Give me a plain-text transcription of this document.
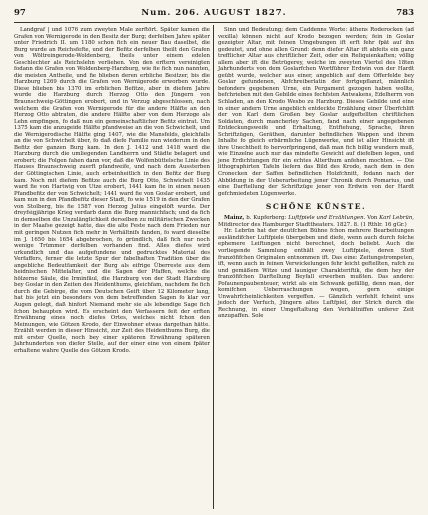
97	Num. 206. AUGUST 1827.	783

Landgraf | und 1076 zum zweyten Male zerftört. Später kamen die Grafen von Wernigerode in den Besitz der Burg; derfelben Jahre später unter Friedrich II. um 1180 schon fich ein neuer Bau daselbst, die Burg wurde an Reichsfefte, und der Befitz derfelben theilt den Grafen von Wöltreingerode-Woldenberg, theils unter einem edelen Geschlechter als Reichslehn verliehen. Von den erftern vereinigten fodann die Grafen von Woldenberg-Harzburg, wie fie fich nun nannten, die meisten Antheile, und fie blieben deren erbliche Besitzer, bis die Harzburg 1269 durch die Grafen von Wernigerode erworben wurde. Diese blieben bis 1370 im erblichen Befitze, aber in diefem Jahre wurde die Harzburg durch Herzog Otto den Jüngern von Braunschweig-Göttingen erobert, und in Verzug abgeschlossen, nach welchem die Grafen von Wernigerode für die andere Hälfte an den Herzog Otto abtraten, die andere Hälfte aber von dem Herzoge als Lehn empfingen, fo daß nun ein gemeinschaftlicher Befitz eintrat. Um 1375 kam die anzugeide Hälfte pfandweise an die von Schwichelt, und die Wernigerodische Hälfte ging 1407, wie die Mansfelds, gleichfalls an die von Schwichelt über, fo daß diefe Familie nun wiederum in den Befitz der ganzen Burg kam. In den J. 1412 und 1418 ward die Harzburg durch die umliegenden Landherrn und Städte belagert und erobert; die Folgen fahen dann vor, daß die Wolfenbüttelsche Linie des Hauses Braunschweig zuerft pfandweife, und nach dem Aussterben der Göttingischen Linie, auch erbeinheitlich in den Befitz der Burg kam. Noch mit diefem Befitze auch die Burg Otto, Schwichelt 1435 ward fie von Hartwig von Utze erobert, 1441 kam fie in einen neuen Pfandbefitz der von Schwichelt; 1441 ward fie von Goslar erobert, und kam nun in den Pfandbefitz dieser Stadt, fo wie 1519 in den der Grafen von Stolberg, bis fie 1587 von Herzog Julius eingelöft wurde. Der dreyfsigjährige Krieg verdarb dann die Burg mannichfach; und da fich in demselben die Unzulänglichkeit derselben zu militärischen Zwecken in der Maafse gezeigt hatte, das die alte Feste nach dem Frieden nur mit geringen Nutzen fich mehr in Verhältnifs fanden, fo ward dieselbe im J. 1650 bis 1654 abgebrochen, fo gründlich, daß fich nur noch wenige Trümmer derfelben vorhanden find. Alles diefes wird urkundlich und das aufgefundene und gedrucktes Material des Verfaffers, ferner die letzte Spur der fabelhaften Tradition über die angebliche Bedeutfamkeit der Burg als eifrige Überreste aus dem heidnischen Mittelalter, und die Sagen der Pfaffen, welche die hölzerne Säule, die Irminfäul, die Harzburg von der Stadt Harzburg bey Goslar in den Zeiten des Heidenthums, gleichfam, nachdem fie fich durch die Gebirge, die vom Deutschen Geift über 12 Kilometer lang, hat bis jetzt ein besonders von dem betreffenden Sagen fo klar vor Augen gelegt, daß hinfort Niemand mehr sie als lebendige Sage fich fchon behaupten wird. Es erscheint den Verfassern feit der erften Erwähnung eines noch diefes Ortes, welches nicht fchon den Meinungen, wie Götzen Krodo, der Einwohner etwas dargethan hätte. Erzählt werden in dieser Hinsicht, zur Zeit des Heidenthums Burg, die mit erster Quelle, noch bey einer späteren Erwähnung späteren Jahrhunderten von diefer Stelle, auf der einer eine von einem fpäter erhaltene wahre Quelle des Götzen Krodo.

Sinn und Bedeutung; dem Caddenns Worte: äthens Roderocken (ad vexilla) können nicht auf Krodo bezogen werden; fein in Goslar gezeigter Altar, mit feinen Umgebungen ift erft fehr fpät auf ihn gedeutet, und ohne allen Grund: denn diefer Altar ift abfeits ein ganz trefflicher Altar aus chriftlicher Zeit, oder ein Reliquienkaften; völlig allem aber ift die Betrügerey, welche im zweyten Viertel des 18ten Jahrhunderts von dem Goslarfchen Wortführer Erdwin von der Hardt geübt wurde, welcher aus einer, angeblich auf dem Offerfelde bey Goslar gefundenen, Abfchreiberlatin der fortgepflanzt, männlich befonders gegebenen Urne, ein Pergament gezogen haben wollte, befchrieben mit den Gebilde eines fechfsten Antwakens, Edelherrn von Schladen, an den Krodo Wesbo zu Harzburg. Dieses Gebilde und eine in einer andern Urne angeblich entdeckte Erzählung einer Überfchlift der von Karl dem Großen bey Goslar aufgeftellten chriftlichen Soldaten, durch mancherley Sachen, fand nach einer angegebenen Entdeckungsweife und Erhaltung, Entftehung, Sprache, ihren Schriftzügen, Geräthen, darunter befindlichen Wappen und ihrem Inhalte fo gleich erbärmliche Lügenwerke, und ist aller Hinsicht ift ihre Unechtheit fo hervorfpringend, daß man fich billig wundern muß, wie Einzelne auch nur das mindefte Gewicht auf diefelben legen, und jene Erdichtungen für ein echtes Alterthum anfehen mochten. — Die lithographirten Tafeln liefern das Bild des Krodo, nach dem in den Cronecken der Saffen befindlichen Holzfchnitt, fodann nach der Abbildung in der Ueberarbeitung jener Chronik durch Pomarius, und eine Darftellung der Schriftzüge jener von Erdwin von der Hardt gefchmiedeten Lügenwerke.

SCHÖNE KÜNSTE.

Mainz, b. Kupferberg: Luftfpiele und Erzählungen. Von Karl Lebrün, Mitdirector des Hamburger Stadttheaters. 1827. 8. (1 Rthlr. 16 gGr.)

Hr. Lebrün hat der deutfchen Bühne fchon mehrere Bearbeitungen ausländifcher Luftfpiele übergeben und diefe, wenn auch durch folche ephemere Leiftungen nicht berechnet, doch beliebt. Auch die vorliegende Sammlung enthält zwey Luftfpiele, deren Stoff franzöfifchen Originalen entnommen ift. Das eine: Zeitungstrompeten, ift, wenn auch in feinen Verwickelungen fehr leicht geftellten, rafch zu und gemäßem Witze und launiger Charakteriftik, die dem hey der franzöfifchen Darftellung Beyfall erwerben mußten. Das andere: Pofaunenpaubenteuer, wirkt als ein Schwank gefällig, denn man, der komifchen Ueberraschungen wegen, gern einige Unwahrfcheinlichkeiten vergeffen. — Gänzlich verfehlt fcheint uns jedoch der Verfuch, Jüngern altes Luftfpiel, der Strich durch die Rechnung, in einer Umgeftaltung den Verhältniffen unferer Zeit anzupaffen. Sole
